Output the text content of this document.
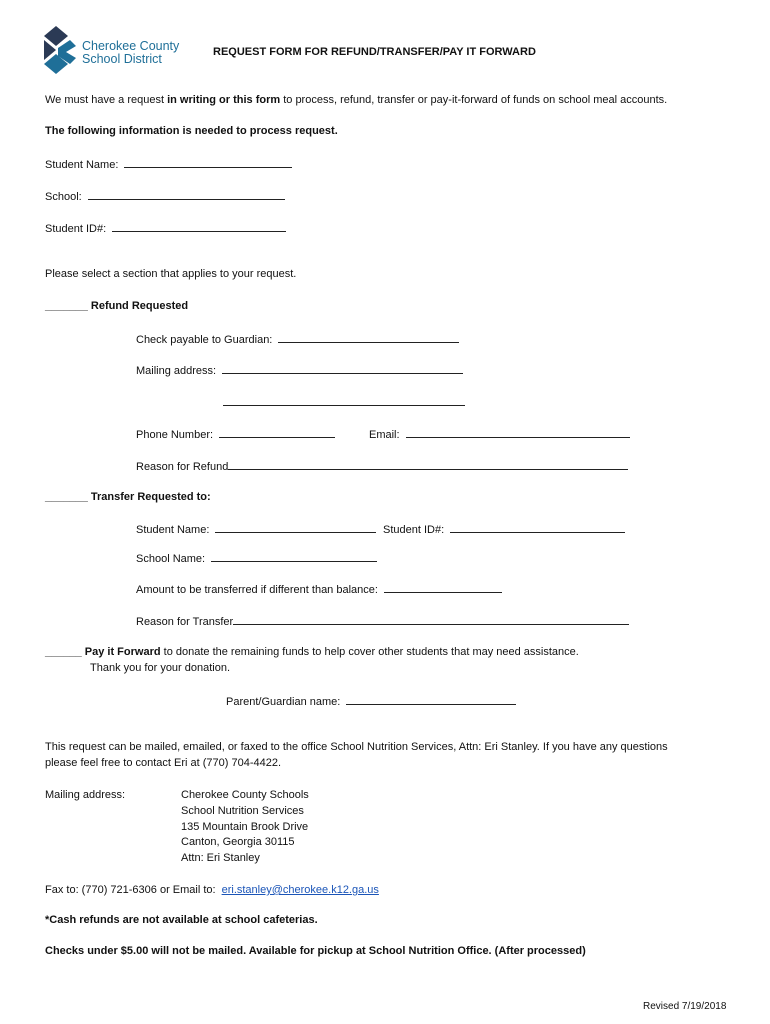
Cherokee County
School District	REQUEST FORM FOR REFUND/TRANSFER/PAY IT FORWARD
We must have a request in writing or this form to process, refund, transfer or pay-it-forward of funds on school meal accounts.
The following information is needed to process request.
Student Name:
School:
Student ID#:
Please select a section that applies to your request.
_______ Refund Requested
Check payable to Guardian:
Mailing address:
Phone Number:	Email:
Reason for Refund
_______ Transfer Requested to:
Student Name:	Student ID#:
School Name:
Amount to be transferred if different than balance:
Reason for Transfer
______ Pay it Forward to donate the remaining funds to help cover other students that may need assistance.
Thank you for your donation.
Parent/Guardian name:
This request can be mailed, emailed, or faxed to the office School Nutrition Services, Attn: Eri Stanley. If you have any questions
please feel free to contact Eri at (770) 704-4422.
Mailing address:	Cherokee County Schools
School Nutrition Services
135 Mountain Brook Drive
Canton, Georgia 30115
Attn: Eri Stanley
Fax to: (770) 721-6306 or Email to: eri.stanley@cherokee.k12.ga.us
*Cash refunds are not available at school cafeterias.
Checks under $5.00 will not be mailed. Available for pickup at School Nutrition Office. (After processed)
Revised 7/19/2018
